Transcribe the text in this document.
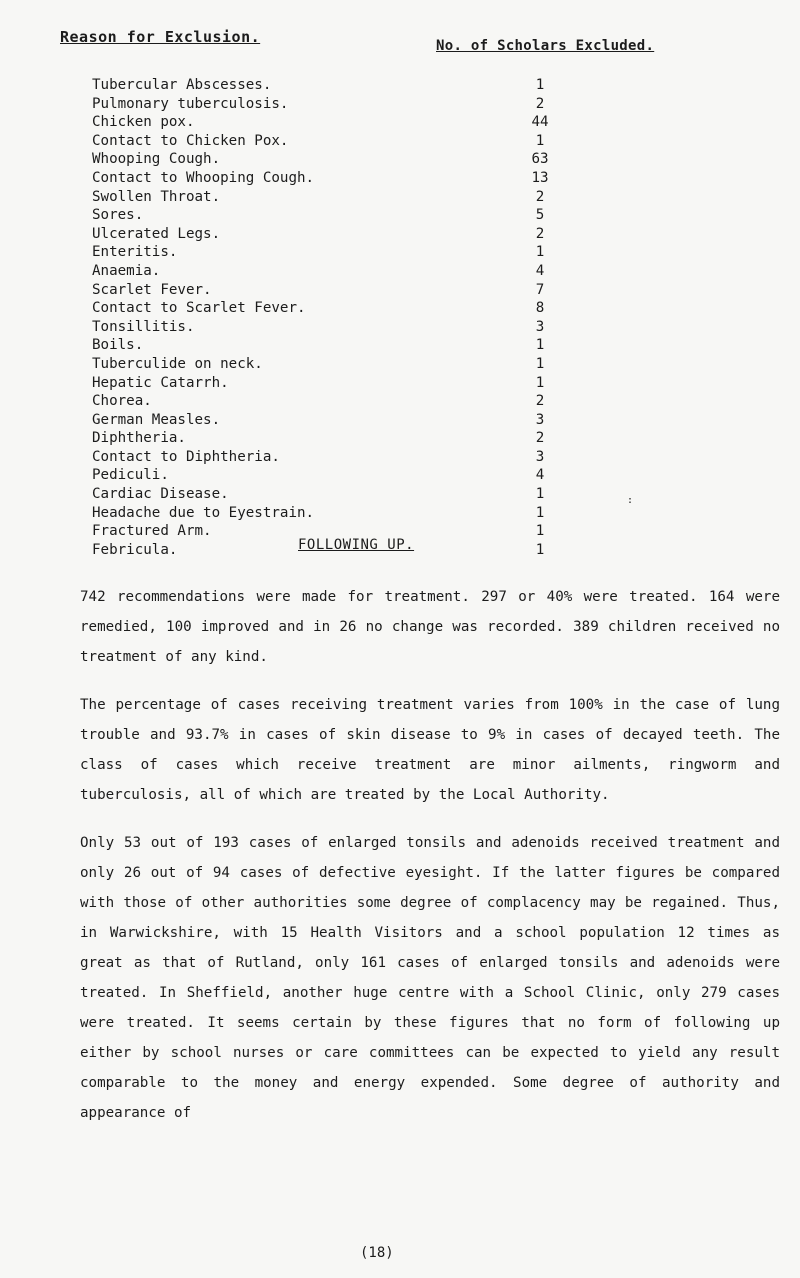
Reason for Exclusion.	No. of Scholars Excluded.
Tubercular Abscesses.
Pulmonary tuberculosis.
Chicken pox.
Contact to Chicken Pox.
Whooping Cough.
Contact to Whooping Cough.
Swollen Throat.
Sores.
Ulcerated Legs.
Enteritis.
Anaemia.
Scarlet Fever.
Contact to Scarlet Fever.
Tonsillitis.
Boils.
Tuberculide on neck.
Hepatic Catarrh.
Chorea.
German Measles.
Diphtheria.
Contact to Diphtheria.
Pediculi.
Cardiac Disease.
Headache due to Eyestrain.
Fractured Arm.
Febricula.
1
2
44
1
63
13
2
5
2
1
4
7
8
3
1
1
1
2
3
2
3
4
1
1
1
1
:
FOLLOWING UP.

742 recommendations were made for treatment. 297 or 40% were treated. 164 were remedied, 100 improved and in 26 no change was recorded. 389 children received no treatment of any kind.

The percentage of cases receiving treatment varies from 100% in the case of lung trouble and 93.7% in cases of skin disease to 9% in cases of decayed teeth. The class of cases which receive treatment are minor ailments, ringworm and tuberculosis, all of which are treated by the Local Authority.

Only 53 out of 193 cases of enlarged tonsils and adenoids received treatment and only 26 out of 94 cases of defective eyesight. If the latter figures be compared with those of other authorities some degree of complacency may be regained. Thus, in Warwickshire, with 15 Health Visitors and a school population 12 times as great as that of Rutland, only 161 cases of enlarged tonsils and adenoids were treated. In Sheffield, another huge centre with a School Clinic, only 279 cases were treated. It seems certain by these figures that no form of following up either by school nurses or care committees can be expected to yield any result comparable to the money and energy expended. Some degree of authority and appearance of

(18)
